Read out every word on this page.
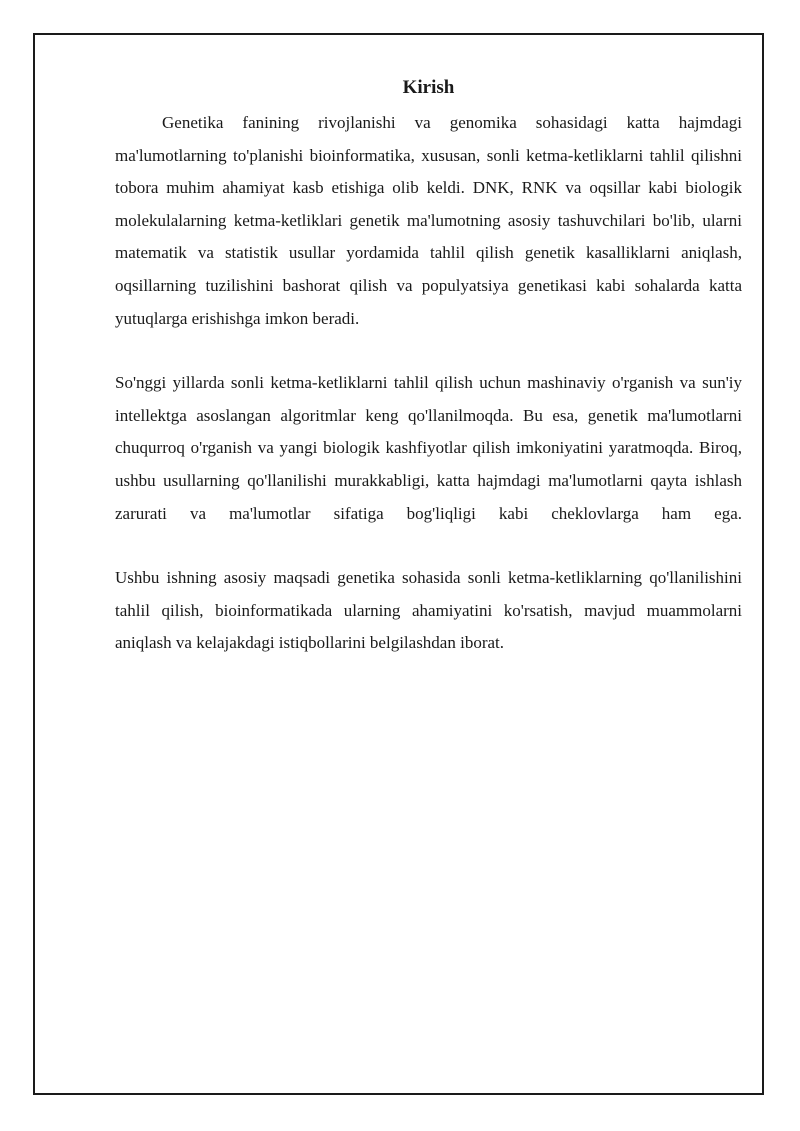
Kirish

Genetika fanining rivojlanishi va genomika sohasidagi katta hajmdagi ma'lumotlarning to'planishi bioinformatika, xususan, sonli ketma-ketliklarni tahlil qilishni tobora muhim ahamiyat kasb etishiga olib keldi. DNK, RNK va oqsillar kabi biologik molekulalarning ketma-ketliklari genetik ma'lumotning asosiy tashuvchilari bo'lib, ularni matematik va statistik usullar yordamida tahlil qilish genetik kasalliklarni aniqlash, oqsillarning tuzilishini bashorat qilish va populyatsiya genetikasi kabi sohalarda katta yutuqlarga erishishga imkon beradi.

So'nggi yillarda sonli ketma-ketliklarni tahlil qilish uchun mashinaviy o'rganish va sun'iy intellektga asoslangan algoritmlar keng qo'llanilmoqda. Bu esa, genetik ma'lumotlarni chuqurroq o'rganish va yangi biologik kashfiyotlar qilish imkoniyatini yaratmoqda. Biroq, ushbu usullarning qo'llanilishi murakkabligi, katta hajmdagi ma'lumotlarni qayta ishlash zarurati va ma'lumotlar sifatiga bog'liqligi kabi cheklovlarga ham ega.

Ushbu ishning asosiy maqsadi genetika sohasida sonli ketma-ketliklarning qo'llanilishini tahlil qilish, bioinformatikada ularning ahamiyatini ko'rsatish, mavjud muammolarni aniqlash va kelajakdagi istiqbollarini belgilashdan iborat.
